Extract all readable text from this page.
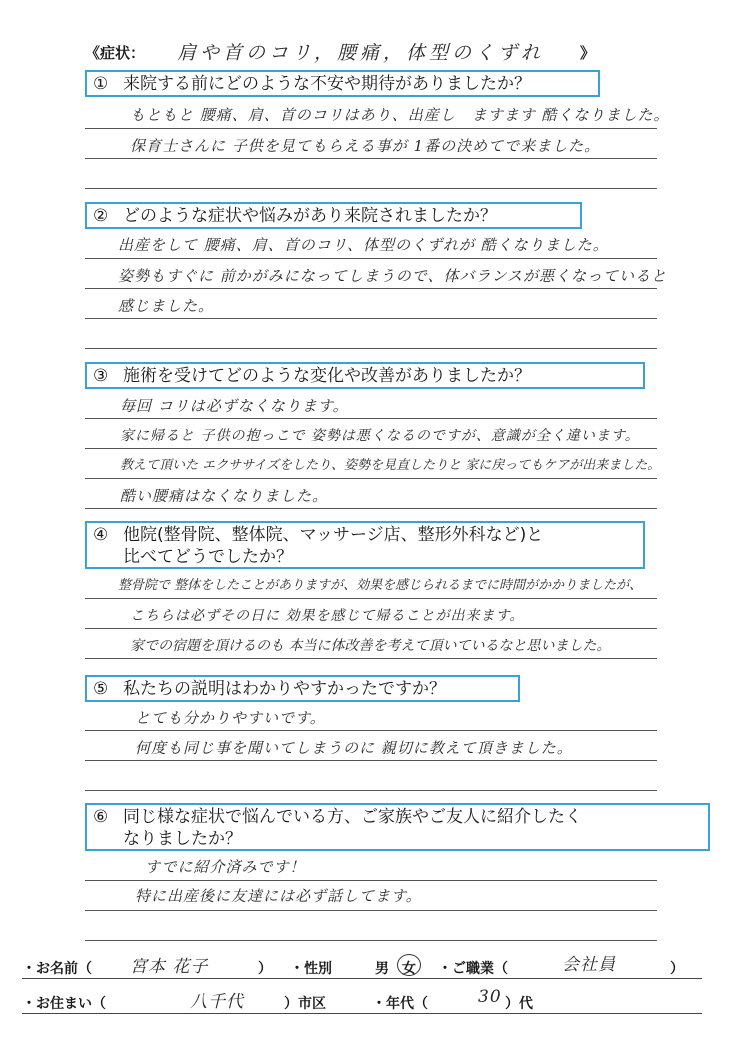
《症状： 肩や首のコリ，腰痛，体型のくずれ 》
① 来院する前にどのような不安や期待がありましたか？
もともと 腰痛、肩、首のコリはあり、出産し　ますます 酷くなりました。
保育士さんに 子供を見てもらえる事が 1番の決めてで来ました。
② どのような症状や悩みがあり来院されましたか？
出産をして 腰痛、肩、首のコリ、体型のくずれが 酷くなりました。
姿勢もすぐに 前かがみになってしまうので、体バランスが悪くなっていると
感じました。
③ 施術を受けてどのような変化や改善がありましたか？
毎回 コリは必ずなくなります。
家に帰ると 子供の抱っこで 姿勢は悪くなるのですが、意識が全く違います。
教えて頂いた エクササイズをしたり、姿勢を見直したりと 家に戻ってもケアが出来ました。
酷い腰痛はなくなりました。
④ 他院(整骨院、整体院、マッサージ店、整形外科など)と
比べてどうでしたか？
整骨院で 整体をしたことがありますが、効果を感じられるまでに時間がかかりましたが、
こちらは必ずその日に 効果を感じて帰ることが出来ます。
家での宿題を頂けるのも 本当に体改善を考えて頂いているなと思いました。
⑤ 私たちの説明はわかりやすかったですか？
とても分かりやすいです。
何度も同じ事を聞いてしまうのに 親切に教えて頂きました。
⑥ 同じ様な症状で悩んでいる方、ご家族やご友人に紹介したく
なりましたか？
すでに紹介済みです！
特に出産後に友達には必ず話してます。
・お名前（ 宮本 花子	） ・性別	男 女 ・ご職業（	会社員	）
・お住まい（	八千代	）市区	・年代（	30 ）代
